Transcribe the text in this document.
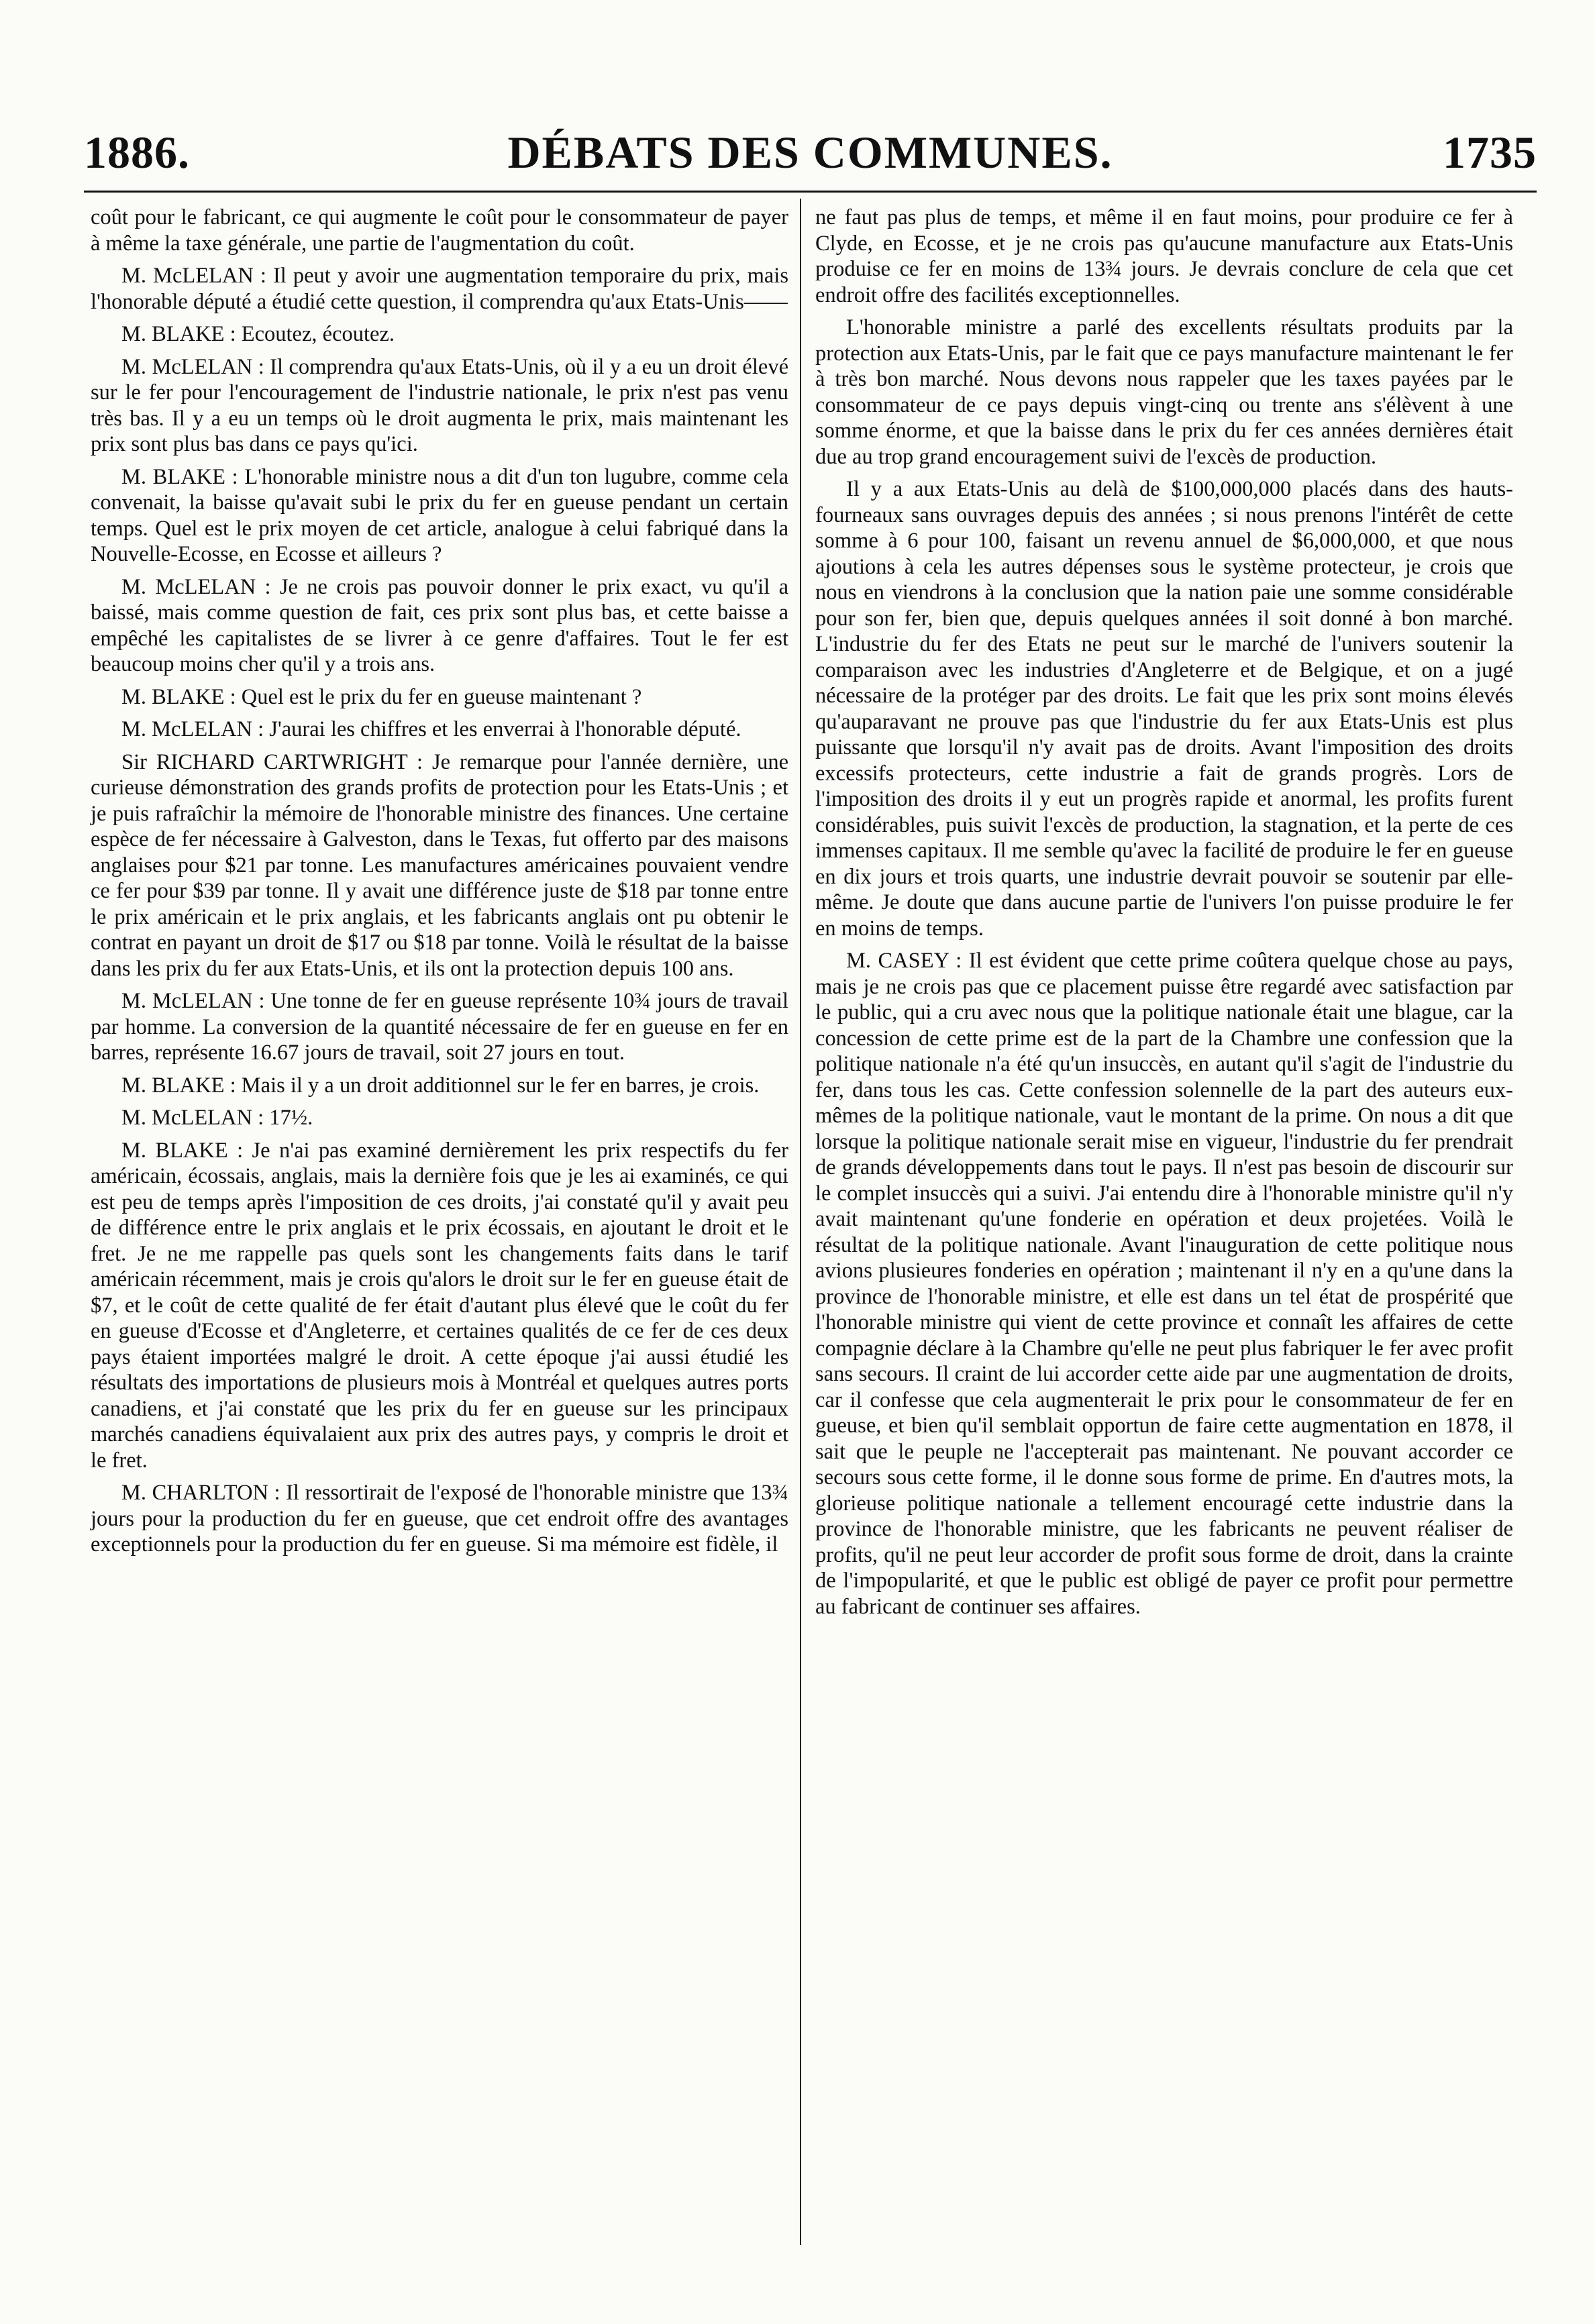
1886.	DÉBATS DES COMMUNES.	1735

coût pour le fabricant, ce qui augmente le coût pour le consommateur de payer à même la taxe générale, une partie de l'augmentation du coût.

M. McLELAN : Il peut y avoir une augmentation temporaire du prix, mais l'honorable député a étudié cette question, il comprendra qu'aux Etats-Unis——

M. BLAKE : Ecoutez, écoutez.

M. McLELAN : Il comprendra qu'aux Etats-Unis, où il y a eu un droit élevé sur le fer pour l'encouragement de l'industrie nationale, le prix n'est pas venu très bas. Il y a eu un temps où le droit augmenta le prix, mais maintenant les prix sont plus bas dans ce pays qu'ici.

M. BLAKE : L'honorable ministre nous a dit d'un ton lugubre, comme cela convenait, la baisse qu'avait subi le prix du fer en gueuse pendant un certain temps. Quel est le prix moyen de cet article, analogue à celui fabriqué dans la Nouvelle-Ecosse, en Ecosse et ailleurs ?

M. McLELAN : Je ne crois pas pouvoir donner le prix exact, vu qu'il a baissé, mais comme question de fait, ces prix sont plus bas, et cette baisse a empêché les capitalistes de se livrer à ce genre d'affaires. Tout le fer est beaucoup moins cher qu'il y a trois ans.

M. BLAKE : Quel est le prix du fer en gueuse maintenant ?

M. McLELAN : J'aurai les chiffres et les enverrai à l'honorable député.

Sir RICHARD CARTWRIGHT : Je remarque pour l'année dernière, une curieuse démonstration des grands profits de protection pour les Etats-Unis ; et je puis rafraîchir la mémoire de l'honorable ministre des finances. Une certaine espèce de fer nécessaire à Galveston, dans le Texas, fut offerto par des maisons anglaises pour $21 par tonne. Les manufactures américaines pouvaient vendre ce fer pour $39 par tonne. Il y avait une différence juste de $18 par tonne entre le prix américain et le prix anglais, et les fabricants anglais ont pu obtenir le contrat en payant un droit de $17 ou $18 par tonne. Voilà le résultat de la baisse dans les prix du fer aux Etats-Unis, et ils ont la protection depuis 100 ans.

M. McLELAN : Une tonne de fer en gueuse représente 10¾ jours de travail par homme. La conversion de la quantité nécessaire de fer en gueuse en fer en barres, représente 16.67 jours de travail, soit 27 jours en tout.

M. BLAKE : Mais il y a un droit additionnel sur le fer en barres, je crois.

M. McLELAN : 17½.

M. BLAKE : Je n'ai pas examiné dernièrement les prix respectifs du fer américain, écossais, anglais, mais la dernière fois que je les ai examinés, ce qui est peu de temps après l'imposition de ces droits, j'ai constaté qu'il y avait peu de différence entre le prix anglais et le prix écossais, en ajoutant le droit et le fret. Je ne me rappelle pas quels sont les changements faits dans le tarif américain récemment, mais je crois qu'alors le droit sur le fer en gueuse était de $7, et le coût de cette qualité de fer était d'autant plus élevé que le coût du fer en gueuse d'Ecosse et d'Angleterre, et certaines qualités de ce fer de ces deux pays étaient importées malgré le droit. A cette époque j'ai aussi étudié les résultats des importations de plusieurs mois à Montréal et quelques autres ports canadiens, et j'ai constaté que les prix du fer en gueuse sur les principaux marchés canadiens équivalaient aux prix des autres pays, y compris le droit et le fret.

M. CHARLTON : Il ressortirait de l'exposé de l'honorable ministre que 13¾ jours pour la production du fer en gueuse, que cet endroit offre des avantages exceptionnels pour la production du fer en gueuse. Si ma mémoire est fidèle, il

ne faut pas plus de temps, et même il en faut moins, pour produire ce fer à Clyde, en Ecosse, et je ne crois pas qu'aucune manufacture aux Etats-Unis produise ce fer en moins de 13¾ jours. Je devrais conclure de cela que cet endroit offre des facilités exceptionnelles.

L'honorable ministre a parlé des excellents résultats produits par la protection aux Etats-Unis, par le fait que ce pays manufacture maintenant le fer à très bon marché. Nous devons nous rappeler que les taxes payées par le consommateur de ce pays depuis vingt-cinq ou trente ans s'élèvent à une somme énorme, et que la baisse dans le prix du fer ces années dernières était due au trop grand encouragement suivi de l'excès de production.

Il y a aux Etats-Unis au delà de $100,000,000 placés dans des hauts-fourneaux sans ouvrages depuis des années ; si nous prenons l'intérêt de cette somme à 6 pour 100, faisant un revenu annuel de $6,000,000, et que nous ajoutions à cela les autres dépenses sous le système protecteur, je crois que nous en viendrons à la conclusion que la nation paie une somme considérable pour son fer, bien que, depuis quelques années il soit donné à bon marché. L'industrie du fer des Etats ne peut sur le marché de l'univers soutenir la comparaison avec les industries d'Angleterre et de Belgique, et on a jugé nécessaire de la protéger par des droits. Le fait que les prix sont moins élevés qu'auparavant ne prouve pas que l'industrie du fer aux Etats-Unis est plus puissante que lorsqu'il n'y avait pas de droits. Avant l'imposition des droits excessifs protecteurs, cette industrie a fait de grands progrès. Lors de l'imposition des droits il y eut un progrès rapide et anormal, les profits furent considérables, puis suivit l'excès de production, la stagnation, et la perte de ces immenses capitaux. Il me semble qu'avec la facilité de produire le fer en gueuse en dix jours et trois quarts, une industrie devrait pouvoir se soutenir par elle-même. Je doute que dans aucune partie de l'univers l'on puisse produire le fer en moins de temps.

M. CASEY : Il est évident que cette prime coûtera quelque chose au pays, mais je ne crois pas que ce placement puisse être regardé avec satisfaction par le public, qui a cru avec nous que la politique nationale était une blague, car la concession de cette prime est de la part de la Chambre une confession que la politique nationale n'a été qu'un insuccès, en autant qu'il s'agit de l'industrie du fer, dans tous les cas. Cette confession solennelle de la part des auteurs eux-mêmes de la politique nationale, vaut le montant de la prime. On nous a dit que lorsque la politique nationale serait mise en vigueur, l'industrie du fer prendrait de grands développements dans tout le pays. Il n'est pas besoin de discourir sur le complet insuccès qui a suivi. J'ai entendu dire à l'honorable ministre qu'il n'y avait maintenant qu'une fonderie en opération et deux projetées. Voilà le résultat de la politique nationale. Avant l'inauguration de cette politique nous avions plusieures fonderies en opération ; maintenant il n'y en a qu'une dans la province de l'honorable ministre, et elle est dans un tel état de prospérité que l'honorable ministre qui vient de cette province et connaît les affaires de cette compagnie déclare à la Chambre qu'elle ne peut plus fabriquer le fer avec profit sans secours. Il craint de lui accorder cette aide par une augmentation de droits, car il confesse que cela augmenterait le prix pour le consommateur de fer en gueuse, et bien qu'il semblait opportun de faire cette augmentation en 1878, il sait que le peuple ne l'accepterait pas maintenant. Ne pouvant accorder ce secours sous cette forme, il le donne sous forme de prime. En d'autres mots, la glorieuse politique nationale a tellement encouragé cette industrie dans la province de l'honorable ministre, que les fabricants ne peuvent réaliser de profits, qu'il ne peut leur accorder de profit sous forme de droit, dans la crainte de l'impopularité, et que le public est obligé de payer ce profit pour permettre au fabricant de continuer ses affaires.
